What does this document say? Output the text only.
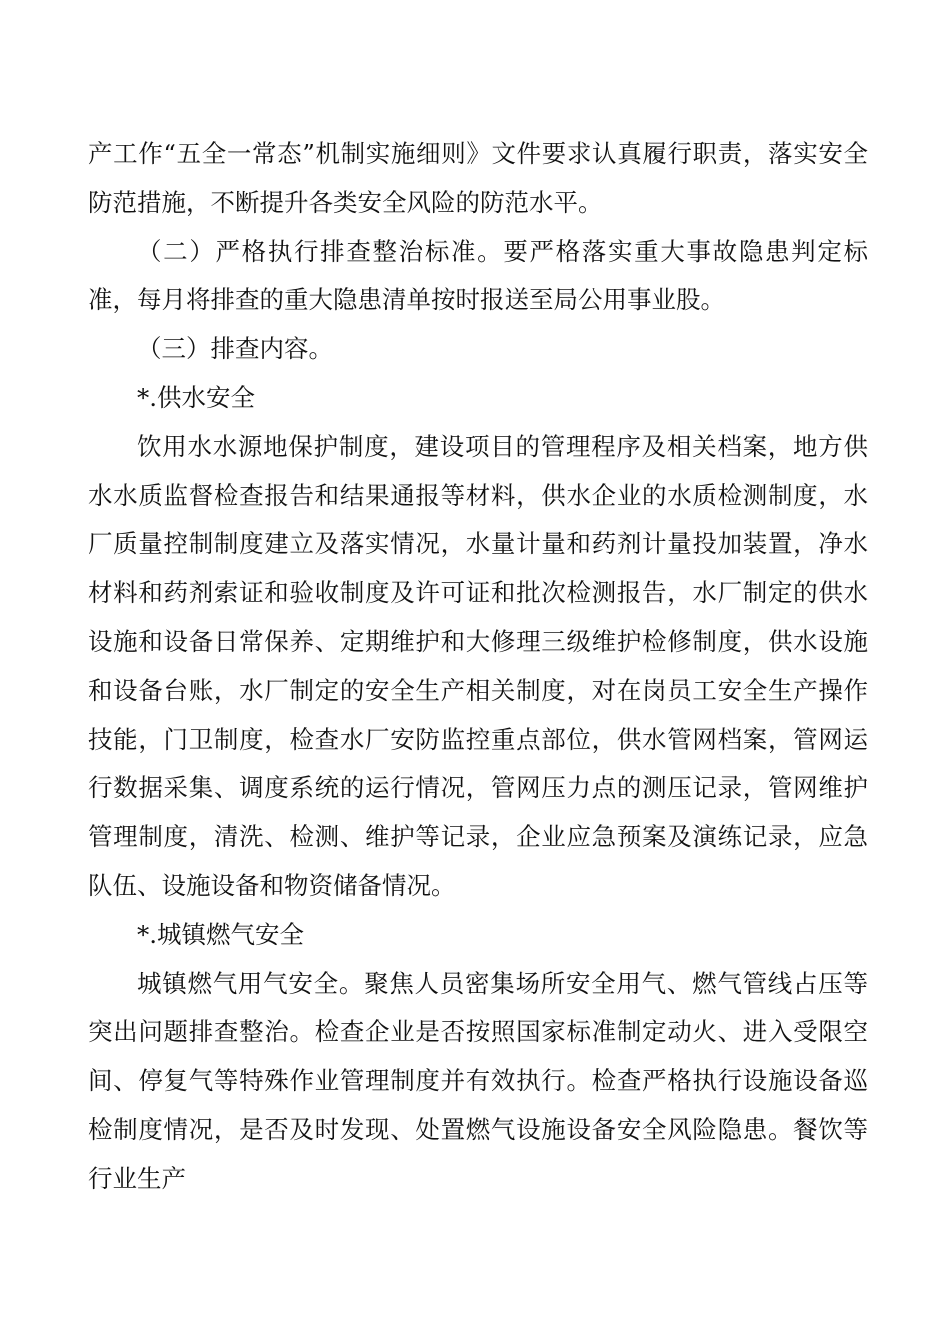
产工作“五全一常态”机制实施细则》文件要求认真履行职责，落实安全防范措施，不断提升各类安全风险的防范水平。

（二）严格执行排查整治标准。要严格落实重大事故隐患判定标准，每月将排查的重大隐患清单按时报送至局公用事业股。

（三）排查内容。

*.供水安全

饮用水水源地保护制度，建设项目的管理程序及相关档案，地方供水水质监督检查报告和结果通报等材料，供水企业的水质检测制度，水厂质量控制制度建立及落实情况，水量计量和药剂计量投加装置，净水材料和药剂索证和验收制度及许可证和批次检测报告，水厂制定的供水设施和设备日常保养、定期维护和大修理三级维护检修制度，供水设施和设备台账，水厂制定的安全生产相关制度，对在岗员工安全生产操作技能，门卫制度，检查水厂安防监控重点部位，供水管网档案，管网运行数据采集、调度系统的运行情况，管网压力点的测压记录，管网维护管理制度，清洗、检测、维护等记录，企业应急预案及演练记录，应急队伍、设施设备和物资储备情况。

*.城镇燃气安全

城镇燃气用气安全。聚焦人员密集场所安全用气、燃气管线占压等突出问题排查整治。检查企业是否按照国家标准制定动火、进入受限空间、停复气等特殊作业管理制度并有效执行。检查严格执行设施设备巡检制度情况，是否及时发现、处置燃气设施设备安全风险隐患。餐饮等行业生产
